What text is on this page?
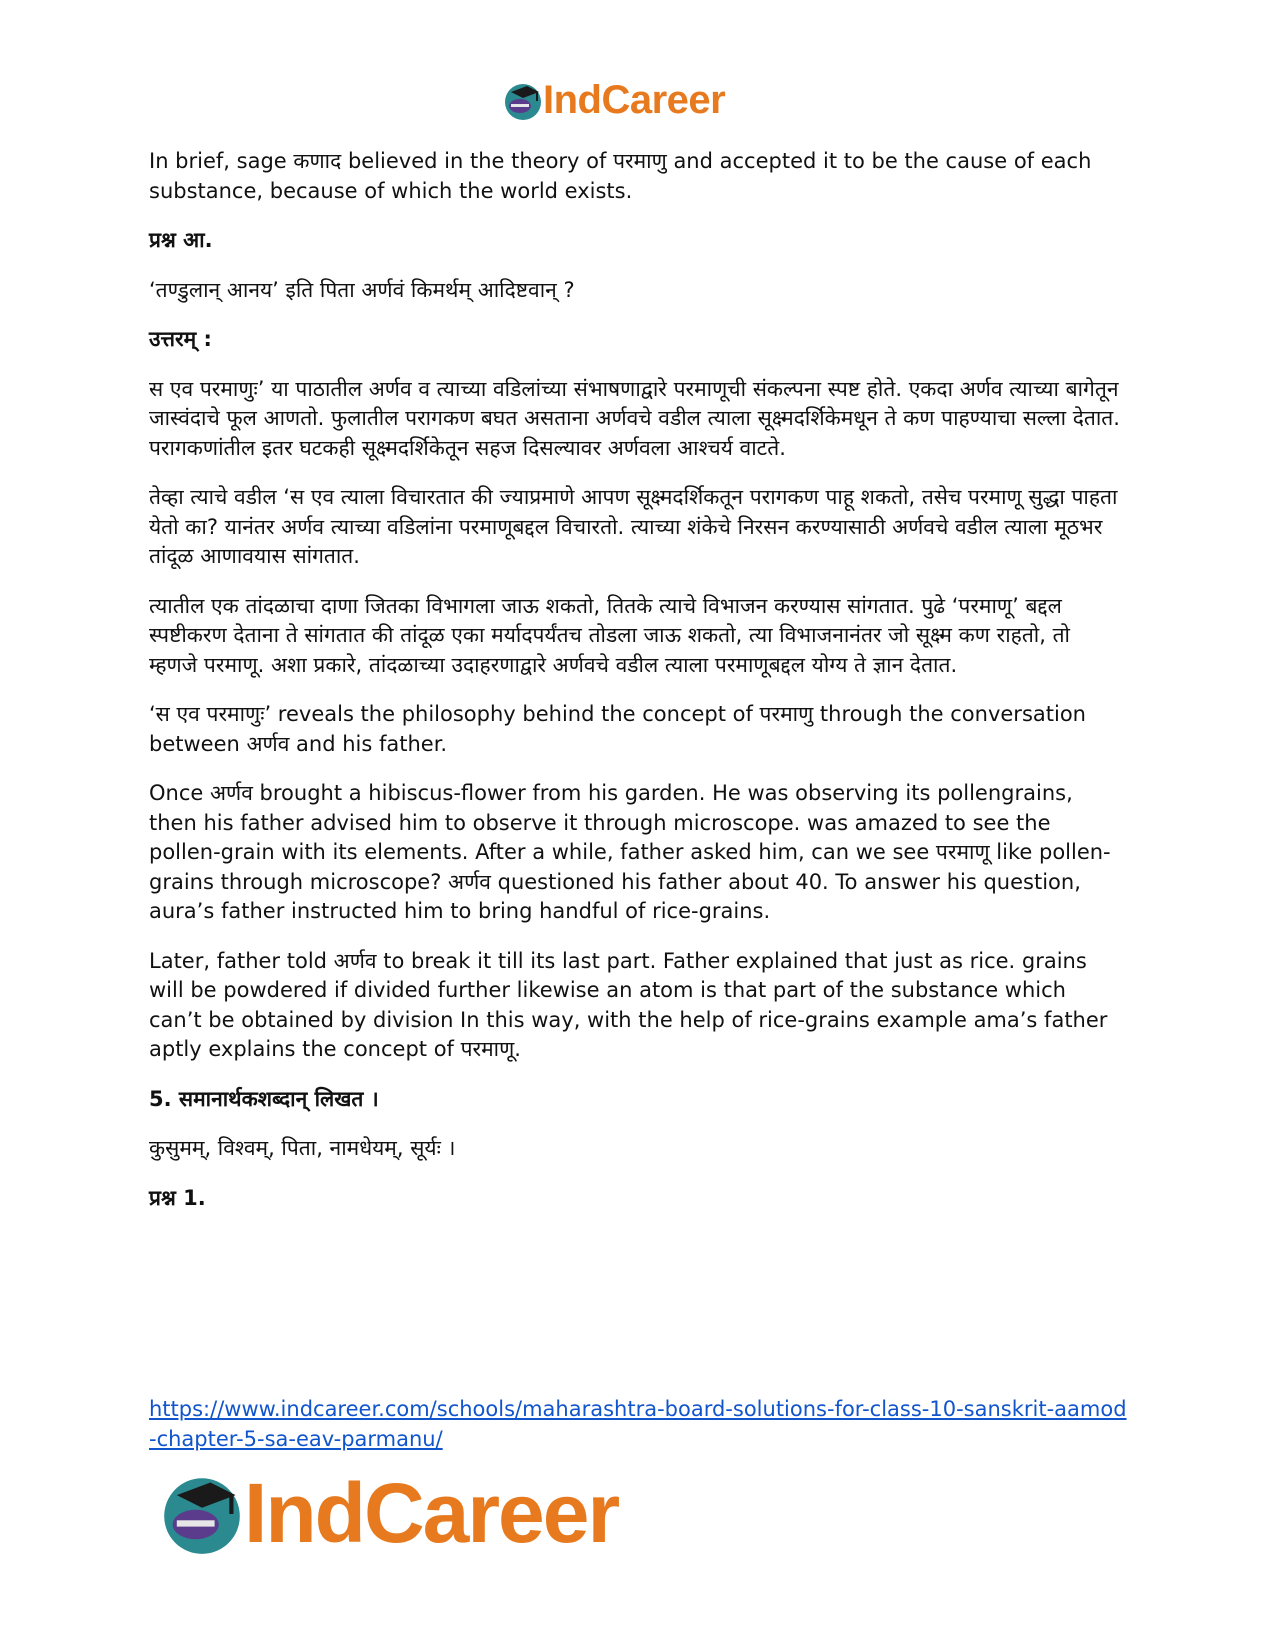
IndCareer

In brief, sage कणाद believed in the theory of परमाणु and accepted it to be the cause of each substance, because of which the world exists.

प्रश्न आ.

‘तण्डुलान् आनय’ इति पिता अर्णवं किमर्थम् आदिष्टवान् ?

उत्तरम् :

स एव परमाणुः’ या पाठातील अर्णव व त्याच्या वडिलांच्या संभाषणाद्वारे परमाणूची संकल्पना स्पष्ट होते. एकदा अर्णव त्याच्या बागेतून जास्वंदाचे फूल आणतो. फुलातील परागकण बघत असताना अर्णवचे वडील त्याला सूक्ष्मदर्शिकेमधून ते कण पाहण्याचा सल्ला देतात. परागकणांतील इतर घटकही सूक्ष्मदर्शिकेतून सहज दिसल्यावर अर्णवला आश्चर्य वाटते.

तेव्हा त्याचे वडील ‘स एव त्याला विचारतात की ज्याप्रमाणे आपण सूक्ष्मदर्शिकतून परागकण पाहू शकतो, तसेच परमाणू सुद्धा पाहता येतो का? यानंतर अर्णव त्याच्या वडिलांना परमाणूबद्दल विचारतो. त्याच्या शंकेचे निरसन करण्यासाठी अर्णवचे वडील त्याला मूठभर तांदूळ आणावयास सांगतात.

त्यातील एक तांदळाचा दाणा जितका विभागला जाऊ शकतो, तितके त्याचे विभाजन करण्यास सांगतात. पुढे ‘परमाणू’ बद्दल स्पष्टीकरण देताना ते सांगतात की तांदूळ एका मर्यादपर्यंतच तोडला जाऊ शकतो, त्या विभाजनानंतर जो सूक्ष्म कण राहतो, तो म्हणजे परमाणू. अशा प्रकारे, तांदळाच्या उदाहरणाद्वारे अर्णवचे वडील त्याला परमाणूबद्दल योग्य ते ज्ञान देतात.

‘स एव परमाणुः’ reveals the philosophy behind the concept of परमाणु through the conversation between अर्णव and his father.

Once अर्णव brought a hibiscus-flower from his garden. He was observing its pollengrains, then his father advised him to observe it through microscope. was amazed to see the pollen-grain with its elements. After a while, father asked him, can we see परमाणू like pollen-grains through microscope? अर्णव questioned his father about 40. To answer his question, aura’s father instructed him to bring handful of rice-grains.

Later, father told अर्णव to break it till its last part. Father explained that just as rice. grains will be powdered if divided further likewise an atom is that part of the substance which can’t be obtained by division In this way, with the help of rice-grains example ama’s father aptly explains the concept of परमाणू.

5. समानार्थकशब्दान् लिखत ।

कुसुमम्, विश्वम्, पिता, नामधेयम्, सूर्यः ।

प्रश्न 1.

https://www.indcareer.com/schools/maharashtra-board-solutions-for-class-10-sanskrit-aamod-chapter-5-sa-eav-parmanu/
IndCareer
